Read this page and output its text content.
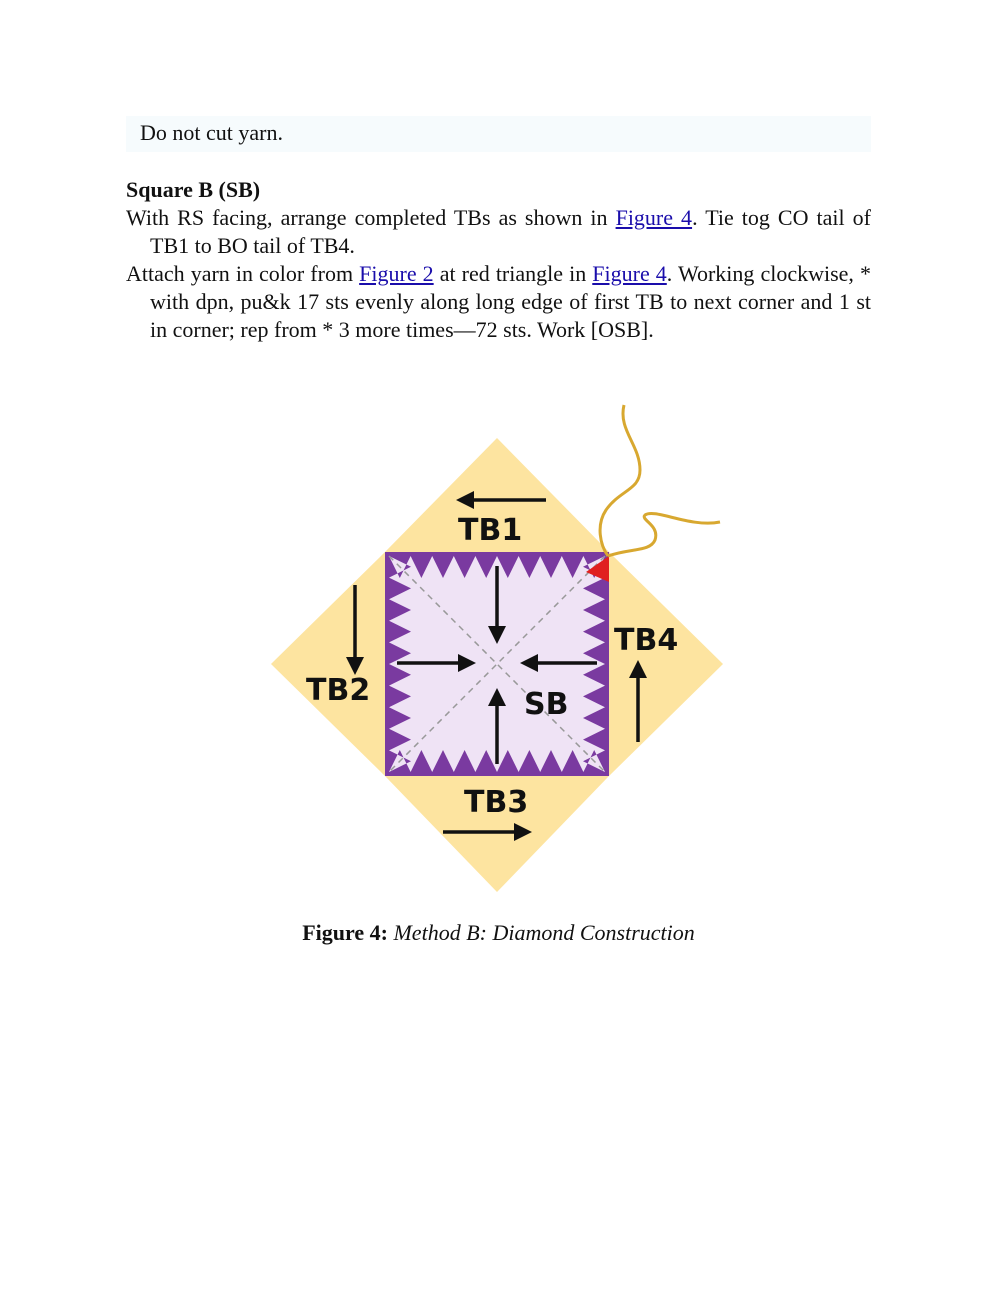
Do not cut yarn.

Square B (SB)

With RS facing, arrange completed TBs as shown in Figure 4. Tie tog CO tail of TB1 to BO tail of TB4.

Attach yarn in color from Figure 2 at red triangle in Figure 4. Working clockwise, * with dpn, pu&k 17 sts evenly along long edge of first TB to next corner and 1 st in corner; rep from * 3 more times—72 sts. Work [OSB].

TB1
TB2
TB3
TB4
SB
Figure 4: Method B: Diamond Construction
